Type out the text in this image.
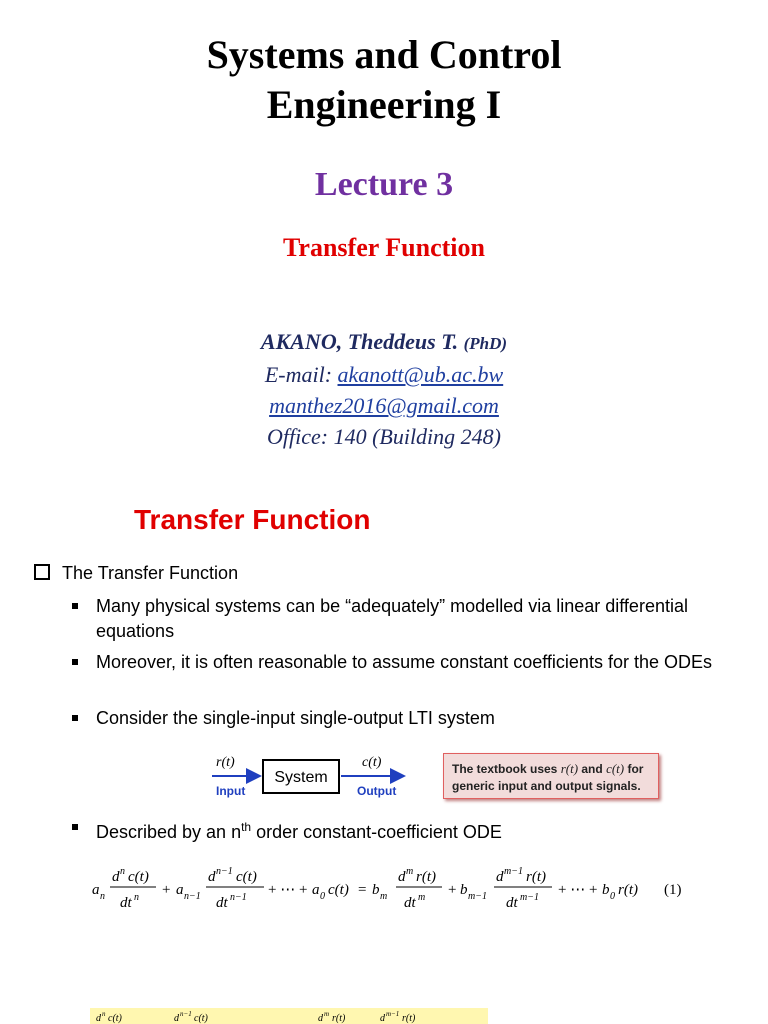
Systems and Control
Engineering I
Lecture 3
Transfer Function
AKANO, Theddeus T. (PhD)
E-mail: akanott@ub.ac.bw
manthez2016@gmail.com
Office: 140 (Building 248)
Transfer Function
The Transfer Function
Many physical systems can be “adequately” modelled via linear differential equations
Moreover, it is often reasonable to assume constant coefficients for the ODEs
Consider the single-input single-output LTI system
r(t)
Input
System
c(t)
Output
The textbook uses r(t) and c(t) for generic input and output signals.
Described by an $n^{th}$ order constant-coefficient ODE
a n
d n c(t)
dt n + a n−1
d n−1 c(t)
dt n−1 + ⋯ + a 0 c(t) = b m
d m r(t)
dt m + b m−1
d m−1 r(t)
dt m−1 + ⋯ + b 0 r(t) (1)
d n c(t)	d n−1 c(t)	d m r(t)	d m−1 r(t)
